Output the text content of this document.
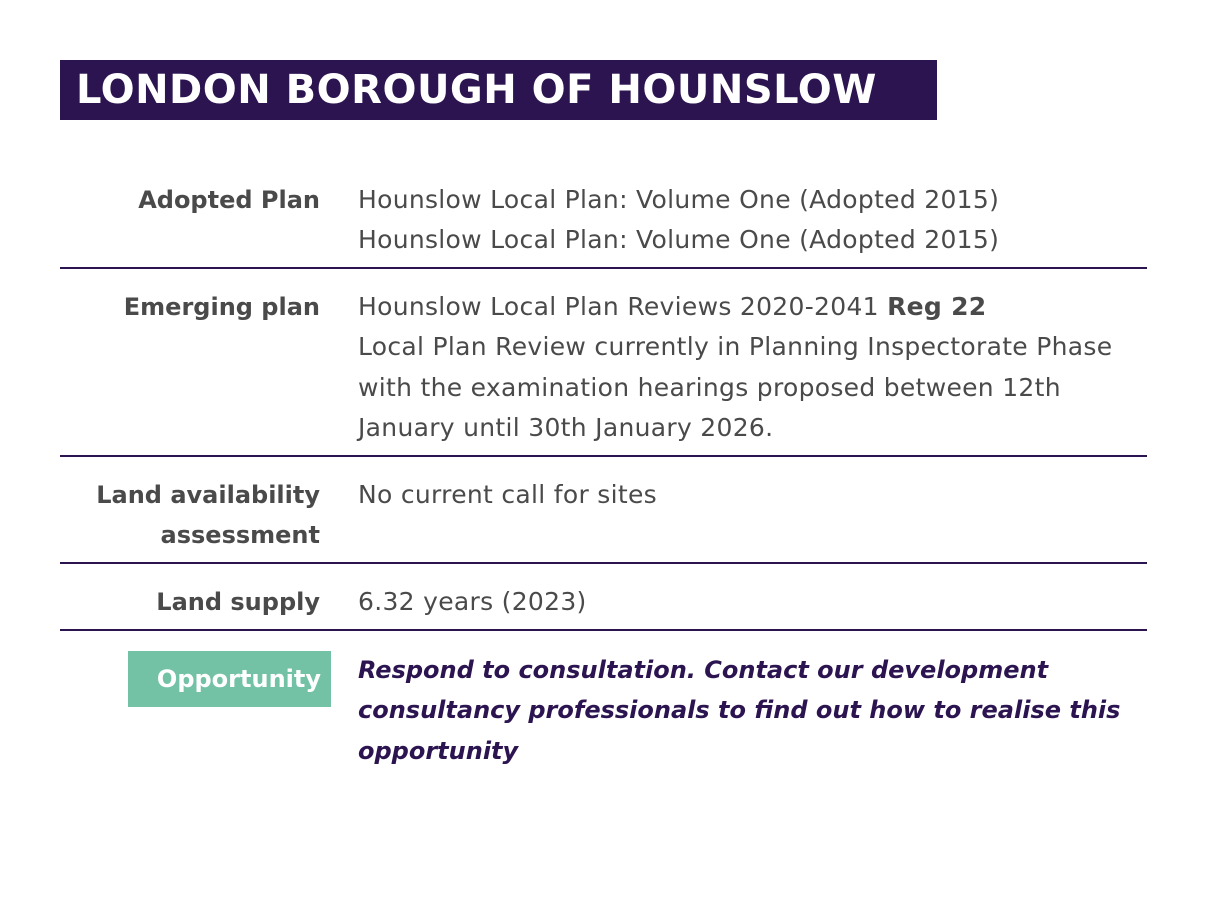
LONDON BOROUGH OF HOUNSLOW
Adopted Plan Hounslow Local Plan: Volume One (Adopted 2015)
Hounslow Local Plan: Volume One (Adopted 2015)
Emerging plan Hounslow Local Plan Reviews 2020-2041 Reg 22
Local Plan Review currently in Planning Inspectorate Phase with the examination hearings proposed between 12th January until 30th January 2026.
Land availability
assessment
No current call for sites
Land supply 6.32 years (2023)
Opportunity Respond to consultation. Contact our development consultancy professionals to find out how to realise this opportunity
